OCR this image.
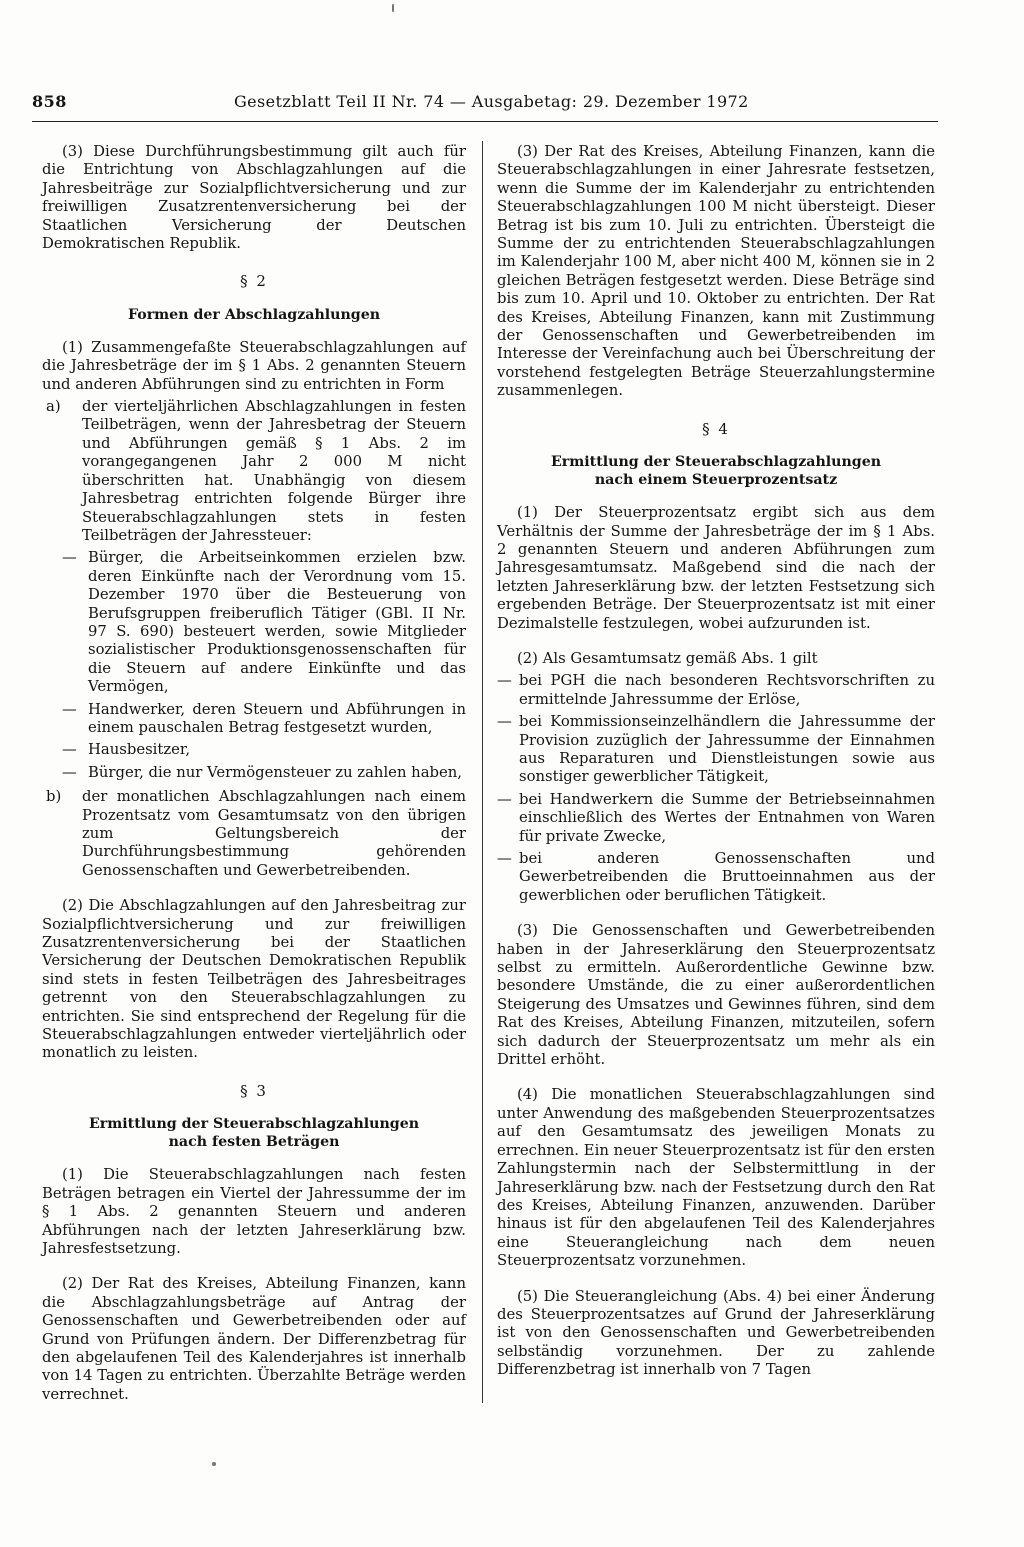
858	Gesetzblatt Teil II Nr. 74 — Ausgabetag: 29. Dezember 1972

(3) Diese Durchführungsbestimmung gilt auch für die Entrichtung von Abschlagzahlungen auf die Jahresbeiträge zur Sozialpflichtversicherung und zur freiwilligen Zusatzrentenversicherung bei der Staatlichen Versicherung der Deutschen Demokratischen Republik.

§ 2
Formen der Abschlagzahlungen

(1) Zusammengefaßte Steuerabschlagzahlungen auf die Jahresbeträge der im § 1 Abs. 2 genannten Steuern und anderen Abführungen sind zu entrichten in Form

a) der vierteljährlichen Abschlagzahlungen in festen Teilbeträgen, wenn der Jahresbetrag der Steuern und Abführungen gemäß § 1 Abs. 2 im vorangegangenen Jahr 2 000 M nicht überschritten hat. Unabhängig von diesem Jahresbetrag entrichten folgende Bürger ihre Steuerabschlagzahlungen stets in festen Teilbeträgen der Jahressteuer:
— Bürger, die Arbeitseinkommen erzielen bzw. deren Einkünfte nach der Verordnung vom 15. Dezember 1970 über die Besteuerung von Berufsgruppen freiberuflich Tätiger (GBl. II Nr. 97 S. 690) besteuert werden, sowie Mitglieder sozialistischer Produktionsgenossenschaften für die Steuern auf andere Einkünfte und das Vermögen,
— Handwerker, deren Steuern und Abführungen in einem pauschalen Betrag festgesetzt wurden,
— Hausbesitzer,
— Bürger, die nur Vermögensteuer zu zahlen haben,
b) der monatlichen Abschlagzahlungen nach einem Prozentsatz vom Gesamtumsatz von den übrigen zum Geltungsbereich der Durchführungsbestimmung gehörenden Genossenschaften und Gewerbetreibenden.

(2) Die Abschlagzahlungen auf den Jahresbeitrag zur Sozialpflichtversicherung und zur freiwilligen Zusatzrentenversicherung bei der Staatlichen Versicherung der Deutschen Demokratischen Republik sind stets in festen Teilbeträgen des Jahresbeitrages getrennt von den Steuerabschlagzahlungen zu entrichten. Sie sind entsprechend der Regelung für die Steuerabschlagzahlungen entweder vierteljährlich oder monatlich zu leisten.

§ 3
Ermittlung der Steuerabschlagzahlungen
nach festen Beträgen

(1) Die Steuerabschlagzahlungen nach festen Beträgen betragen ein Viertel der Jahressumme der im § 1 Abs. 2 genannten Steuern und anderen Abführungen nach der letzten Jahreserklärung bzw. Jahresfestsetzung.

(2) Der Rat des Kreises, Abteilung Finanzen, kann die Abschlagzahlungsbeträge auf Antrag der Genossenschaften und Gewerbetreibenden oder auf Grund von Prüfungen ändern. Der Differenzbetrag für den abgelaufenen Teil des Kalenderjahres ist innerhalb von 14 Tagen zu entrichten. Überzahlte Beträge werden verrechnet.

(3) Der Rat des Kreises, Abteilung Finanzen, kann die Steuerabschlagzahlungen in einer Jahresrate festsetzen, wenn die Summe der im Kalenderjahr zu entrichtenden Steuerabschlagzahlungen 100 M nicht übersteigt. Dieser Betrag ist bis zum 10. Juli zu entrichten. Übersteigt die Summe der zu entrichtenden Steuerabschlagzahlungen im Kalenderjahr 100 M, aber nicht 400 M, können sie in 2 gleichen Beträgen festgesetzt werden. Diese Beträge sind bis zum 10. April und 10. Oktober zu entrichten. Der Rat des Kreises, Abteilung Finanzen, kann mit Zustimmung der Genossenschaften und Gewerbetreibenden im Interesse der Vereinfachung auch bei Überschreitung der vorstehend festgelegten Beträge Steuerzahlungstermine zusammenlegen.

§ 4
Ermittlung der Steuerabschlagzahlungen
nach einem Steuerprozentsatz

(1) Der Steuerprozentsatz ergibt sich aus dem Verhältnis der Summe der Jahresbeträge der im § 1 Abs. 2 genannten Steuern und anderen Abführungen zum Jahresgesamtumsatz. Maßgebend sind die nach der letzten Jahreserklärung bzw. der letzten Festsetzung sich ergebenden Beträge. Der Steuerprozentsatz ist mit einer Dezimalstelle festzulegen, wobei aufzurunden ist.

(2) Als Gesamtumsatz gemäß Abs. 1 gilt

— bei PGH die nach besonderen Rechtsvorschriften zu ermittelnde Jahressumme der Erlöse,
— bei Kommissionseinzelhändlern die Jahressumme der Provision zuzüglich der Jahressumme der Einnahmen aus Reparaturen und Dienstleistungen sowie aus sonstiger gewerblicher Tätigkeit,
— bei Handwerkern die Summe der Betriebseinnahmen einschließlich des Wertes der Entnahmen von Waren für private Zwecke,
— bei anderen Genossenschaften und Gewerbetreibenden die Bruttoeinnahmen aus der gewerblichen oder beruflichen Tätigkeit.

(3) Die Genossenschaften und Gewerbetreibenden haben in der Jahreserklärung den Steuerprozentsatz selbst zu ermitteln. Außerordentliche Gewinne bzw. besondere Umstände, die zu einer außerordentlichen Steigerung des Umsatzes und Gewinnes führen, sind dem Rat des Kreises, Abteilung Finanzen, mitzuteilen, sofern sich dadurch der Steuerprozentsatz um mehr als ein Drittel erhöht.

(4) Die monatlichen Steuerabschlagzahlungen sind unter Anwendung des maßgebenden Steuerprozentsatzes auf den Gesamtumsatz des jeweiligen Monats zu errechnen. Ein neuer Steuerprozentsatz ist für den ersten Zahlungstermin nach der Selbstermittlung in der Jahreserklärung bzw. nach der Festsetzung durch den Rat des Kreises, Abteilung Finanzen, anzuwenden. Darüber hinaus ist für den abgelaufenen Teil des Kalenderjahres eine Steuerangleichung nach dem neuen Steuerprozentsatz vorzunehmen.

(5) Die Steuerangleichung (Abs. 4) bei einer Änderung des Steuerprozentsatzes auf Grund der Jahreserklärung ist von den Genossenschaften und Gewerbetreibenden selbständig vorzunehmen. Der zu zahlende Differenzbetrag ist innerhalb von 7 Tagen
